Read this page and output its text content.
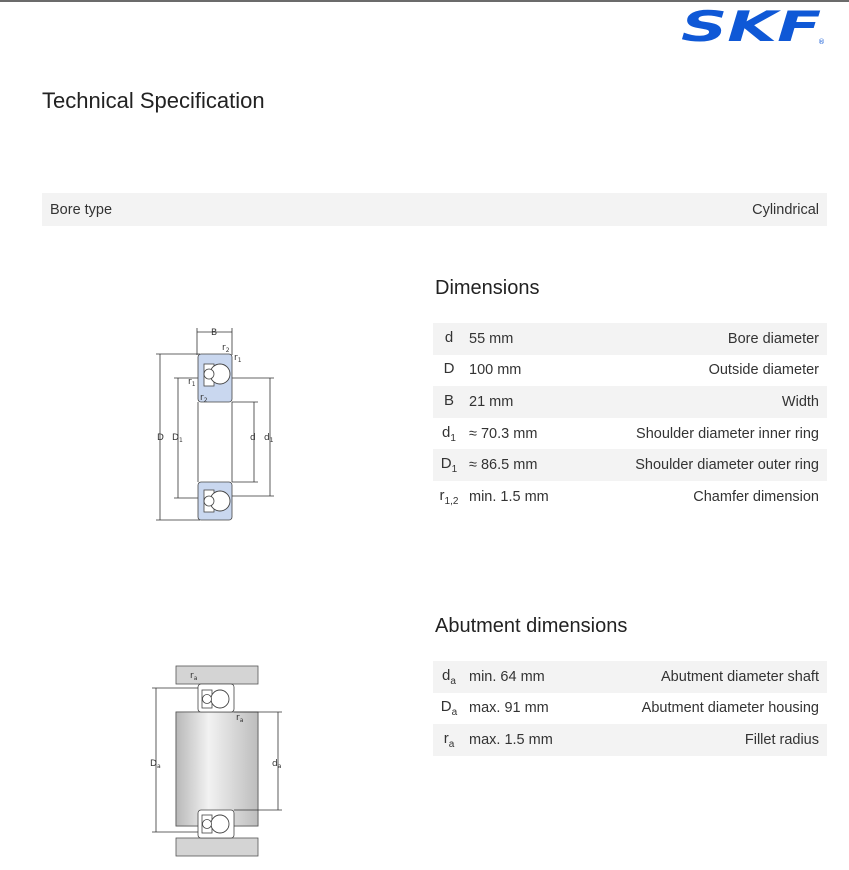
SKF
®
Technical Specification
Bore type	Cylindrical
B
$r_2$
$r_1$
$r_1$
$r_2$
D $D_1$	d $d_1$
$r_a$
$r_a$
$D_a$	$d_a$
Dimensions
d	55 mm	Bore diameter
D	100 mm	Outside diameter
B	21 mm	Width
$d_1 \approx 70.3$ mm	Shoulder diameter inner ring
$D_1 \approx 86.5$ mm	Shoulder diameter outer ring
$r_{1,2}$ min. 1.5 mm	Chamfer dimension
Abutment dimensions
$d_a$ min. 64 mm	Abutment diameter shaft
$D_a$ max. 91 mm	Abutment diameter housing
$r_a$	max. 1.5 mm	Fillet radius
